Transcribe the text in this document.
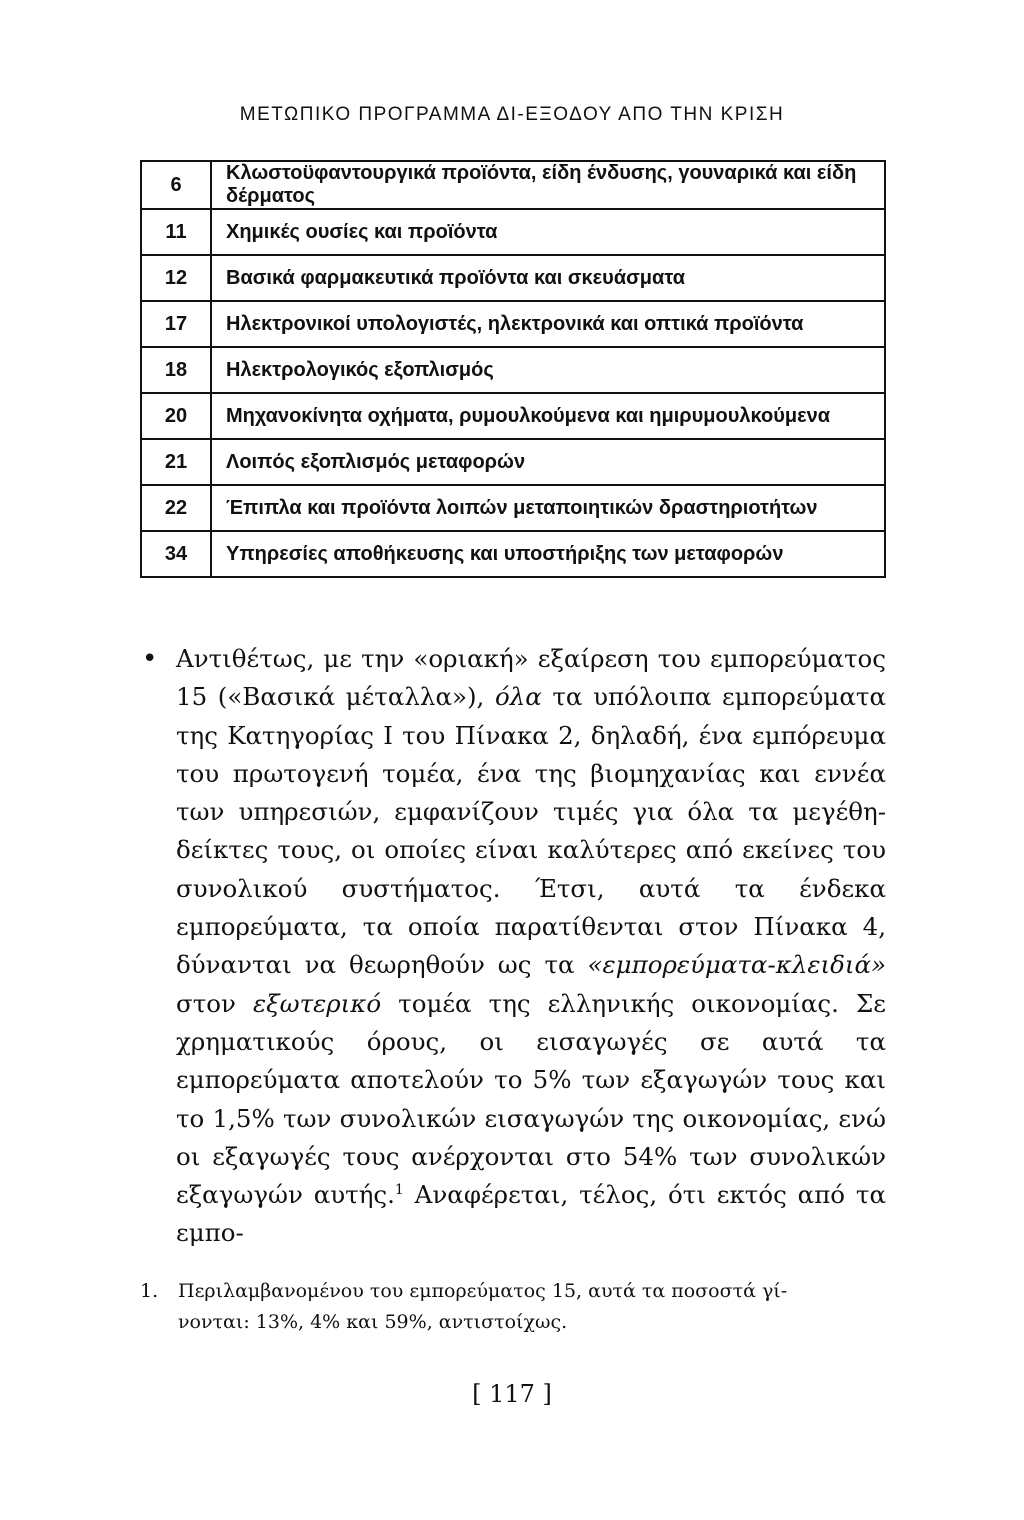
ΜΕΤΩΠΙΚΟ ΠΡΟΓΡΑΜΜΑ ΔΙ-ΕΞΟΔΟΥ ΑΠΟ ΤΗΝ ΚΡΙΣΗ
6	Κλωστοϋφαντουργικά προϊόντα, είδη ένδυσης, γουναρικά και είδη δέρματος
11	Χημικές ουσίες και προϊόντα
12	Βασικά φαρμακευτικά προϊόντα και σκευάσματα
17	Ηλεκτρονικοί υπολογιστές, ηλεκτρονικά και οπτικά προϊόντα
18	Ηλεκτρολογικός εξοπλισμός
20	Μηχανοκίνητα οχήματα, ρυμουλκούμενα και ημιρυμουλκούμενα
21	Λοιπός εξοπλισμός μεταφορών
22	Έπιπλα και προϊόντα λοιπών μεταποιητικών δραστηριοτήτων
34	Υπηρεσίες αποθήκευσης και υποστήριξης των μεταφορών
• Αντιθέτως, με την «οριακή» εξαίρεση του εμπορεύματος 15 («Βασικά μέταλλα»), όλα τα υπόλοιπα εμπορεύματα της Κατηγορίας Ι του Πίνακα 2, δηλαδή, ένα εμπόρευμα του πρωτογενή τομέα, ένα της βιομηχανίας και εννέα των υπηρεσιών, εμφανίζουν τιμές για όλα τα μεγέθη-δείκτες τους, οι οποίες είναι καλύτερες από εκείνες του συνολικού συστήματος. Έτσι, αυτά τα ένδεκα εμπορεύματα, τα οποία παρατίθενται στον Πίνακα 4, δύνανται να θεωρηθούν ως τα «εμπορεύματα-κλειδιά» στον εξωτερικό τομέα της ελληνικής οικονομίας. Σε χρηματικούς όρους, οι εισαγωγές σε αυτά τα εμπορεύματα αποτελούν το 5% των εξαγωγών τους και το 1,5% των συνολικών εισαγωγών της οικονομίας, ενώ οι εξαγωγές τους ανέρχονται στο 54% των συνολικών εξαγωγών αυτής.$^1$ Αναφέρεται, τέλος, ότι εκτός από τα εμπο-

1. Περιλαμβανομένου του εμπορεύματος 15, αυτά τα ποσοστά γί-
νονται: 13%, 4% και 59%, αντιστοίχως.
[ 117 ]
